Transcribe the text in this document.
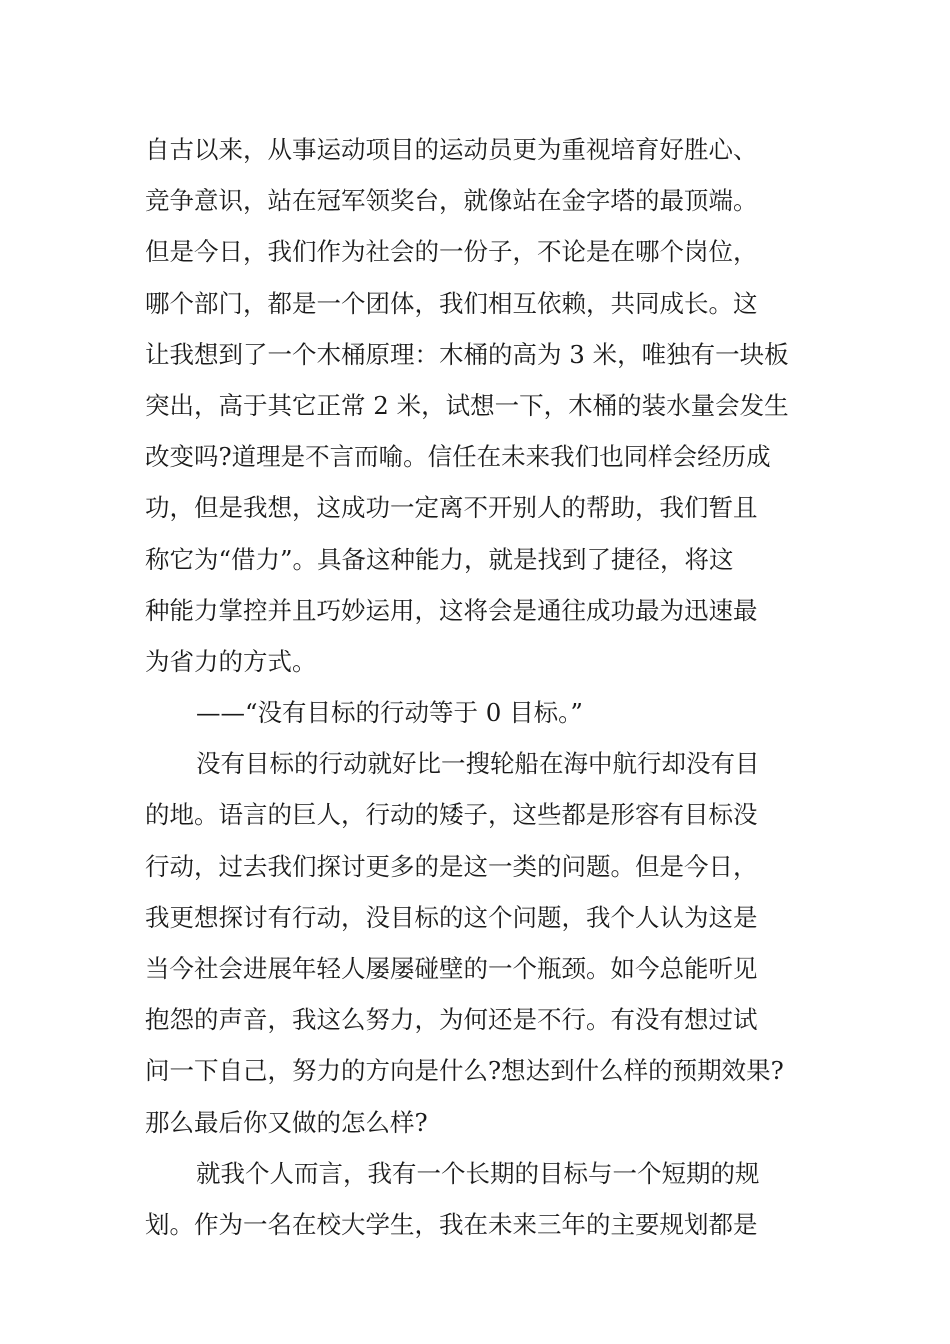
自古以来，从事运动项目的运动员更为重视培育好胜心、
竞争意识，站在冠军领奖台，就像站在金字塔的最顶端。
但是今日，我们作为社会的一份子，不论是在哪个岗位，
哪个部门，都是一个团体，我们相互依赖，共同成长。这
让我想到了一个木桶原理：木桶的高为 3 米，唯独有一块板
突出，高于其它正常 2 米，试想一下，木桶的装水量会发生
改变吗?道理是不言而喻。信任在未来我们也同样会经历成
功，但是我想，这成功一定离不开别人的帮助，我们暂且
称它为“借力”。具备这种能力，就是找到了捷径，将这
种能力掌控并且巧妙运用，这将会是通往成功最为迅速最
为省力的方式。
——“没有目标的行动等于 0 目标。”
没有目标的行动就好比一搜轮船在海中航行却没有目
的地。语言的巨人，行动的矮子，这些都是形容有目标没
行动，过去我们探讨更多的是这一类的问题。但是今日，
我更想探讨有行动，没目标的这个问题，我个人认为这是
当今社会进展年轻人屡屡碰壁的一个瓶颈。如今总能听见
抱怨的声音，我这么努力，为何还是不行。有没有想过试
问一下自己，努力的方向是什么?想达到什么样的预期效果?
那么最后你又做的怎么样?
就我个人而言，我有一个长期的目标与一个短期的规
划。作为一名在校大学生，我在未来三年的主要规划都是
